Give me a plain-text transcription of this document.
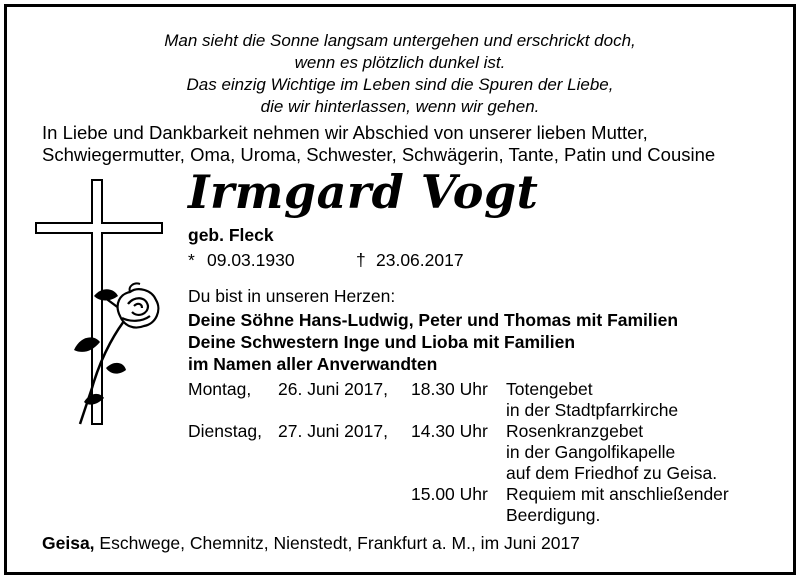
Man sieht die Sonne langsam untergehen und erschrickt doch,
wenn es plötzlich dunkel ist.
Das einzig Wichtige im Leben sind die Spuren der Liebe,
die wir hinterlassen, wenn wir gehen.
In Liebe und Dankbarkeit nehmen wir Abschied von unserer lieben Mutter,
Schwiegermutter, Oma, Uroma, Schwester, Schwägerin, Tante, Patin und Cousine
Irmgard Vogt
geb. Fleck
* 09.03.1930	† 23.06.2017
Du bist in unseren Herzen:
Deine Söhne Hans-Ludwig, Peter und Thomas mit Familien
Deine Schwestern Inge und Lioba mit Familien
im Namen aller Anverwandten
Montag, 26. Juni 2017, 18.30 Uhr Totengebet
in der Stadtpfarrkirche
Dienstag, 27. Juni 2017, 14.30 Uhr Rosenkranzgebet
in der Gangolfikapelle
auf dem Friedhof zu Geisa.
15.00 Uhr Requiem mit anschließender
Beerdigung.
Geisa, Eschwege, Chemnitz, Nienstedt, Frankfurt a. M., im Juni 2017
